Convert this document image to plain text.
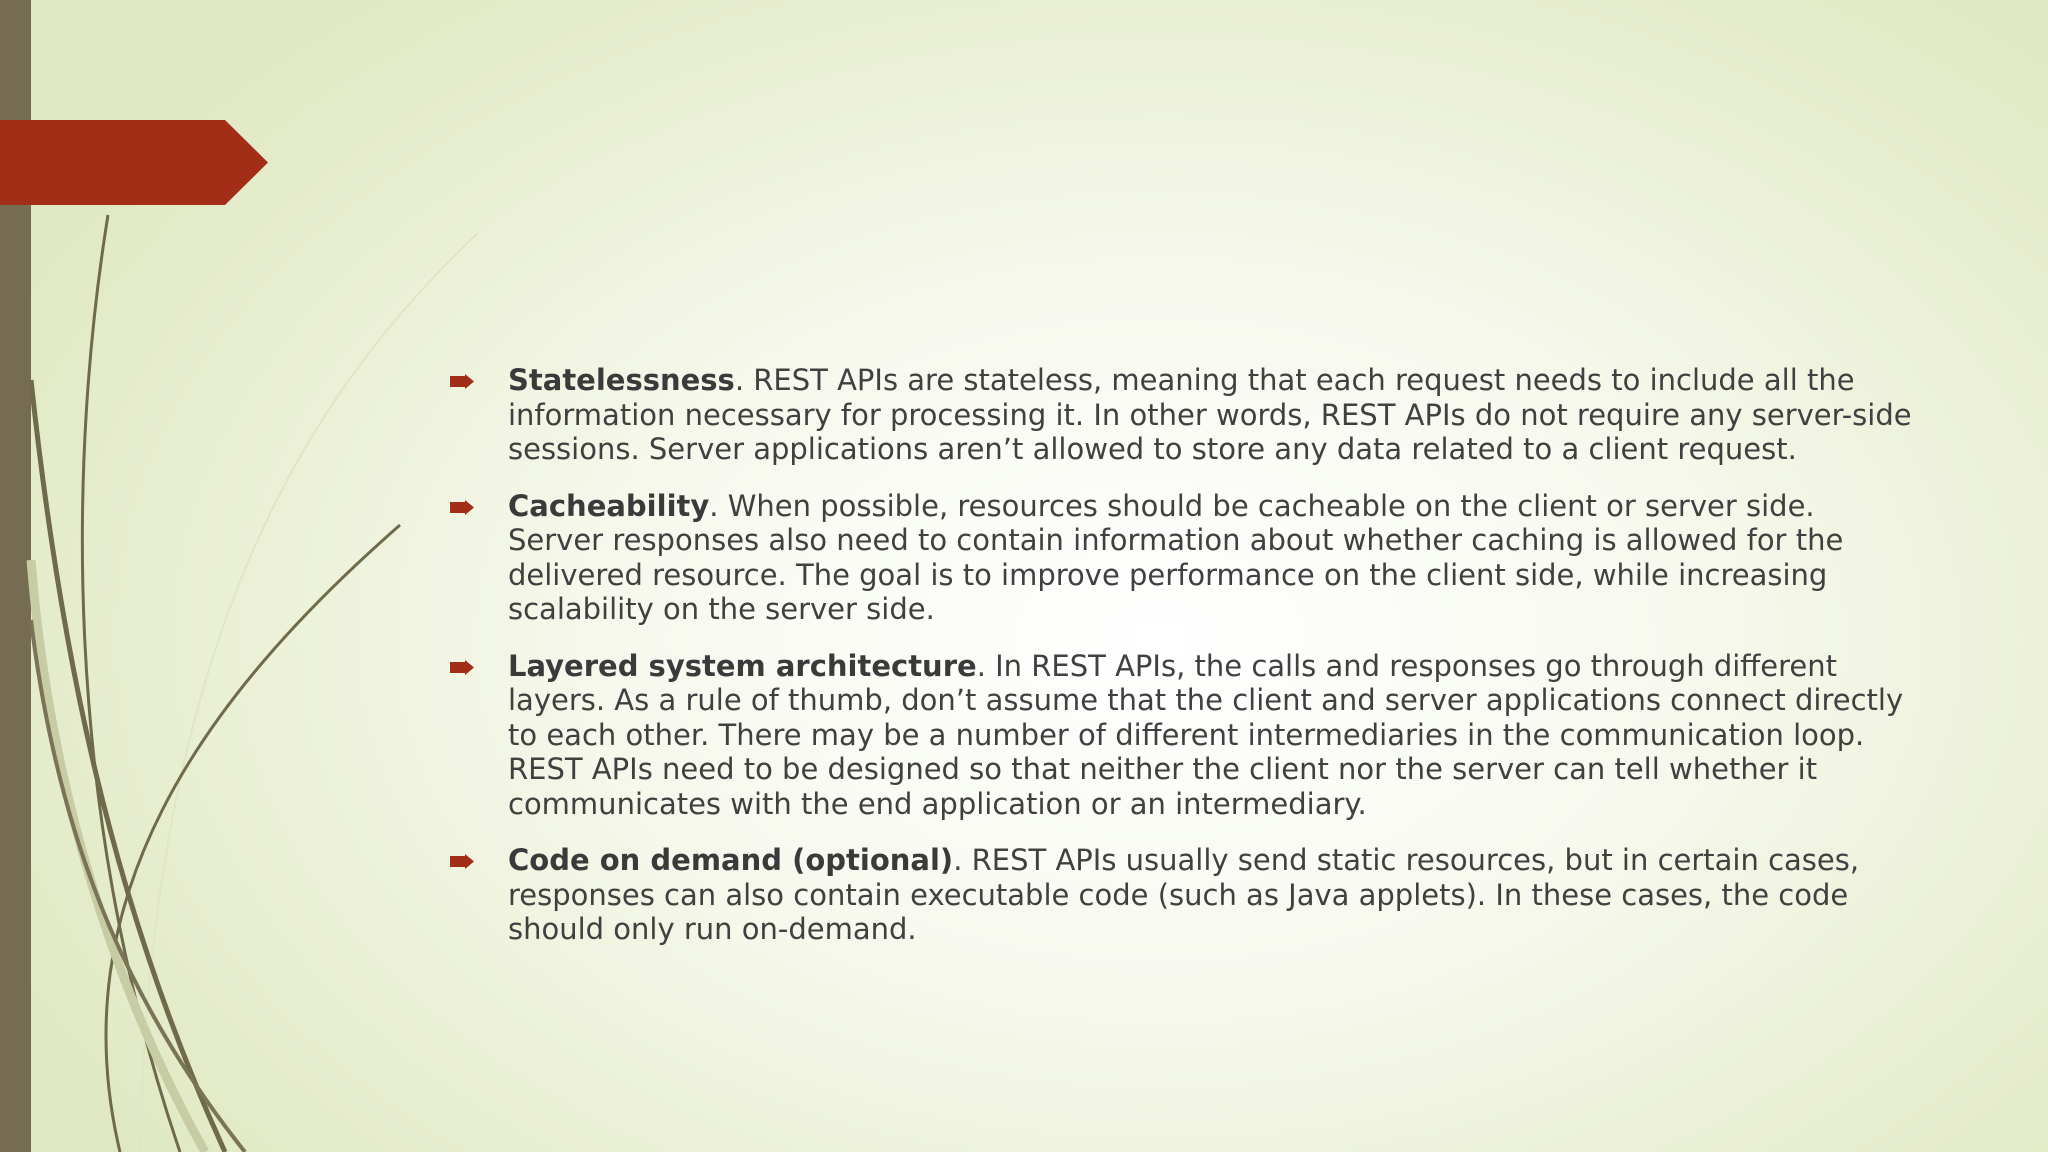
Statelessness. REST APIs are stateless, meaning that each request needs to include all the information necessary for processing it. In other words, REST APIs do not require any server-side sessions. Server applications aren’t allowed to store any data related to a client request.
Cacheability. When possible, resources should be cacheable on the client or server side. Server responses also need to contain information about whether caching is allowed for the delivered resource. The goal is to improve performance on the client side, while increasing scalability on the server side.
Layered system architecture. In REST APIs, the calls and responses go through different layers. As a rule of thumb, don’t assume that the client and server applications connect directly to each other. There may be a number of different intermediaries in the communication loop. REST APIs need to be designed so that neither the client nor the server can tell whether it communicates with the end application or an intermediary.
Code on demand (optional). REST APIs usually send static resources, but in certain cases, responses can also contain executable code (such as Java applets). In these cases, the code should only run on-demand.
